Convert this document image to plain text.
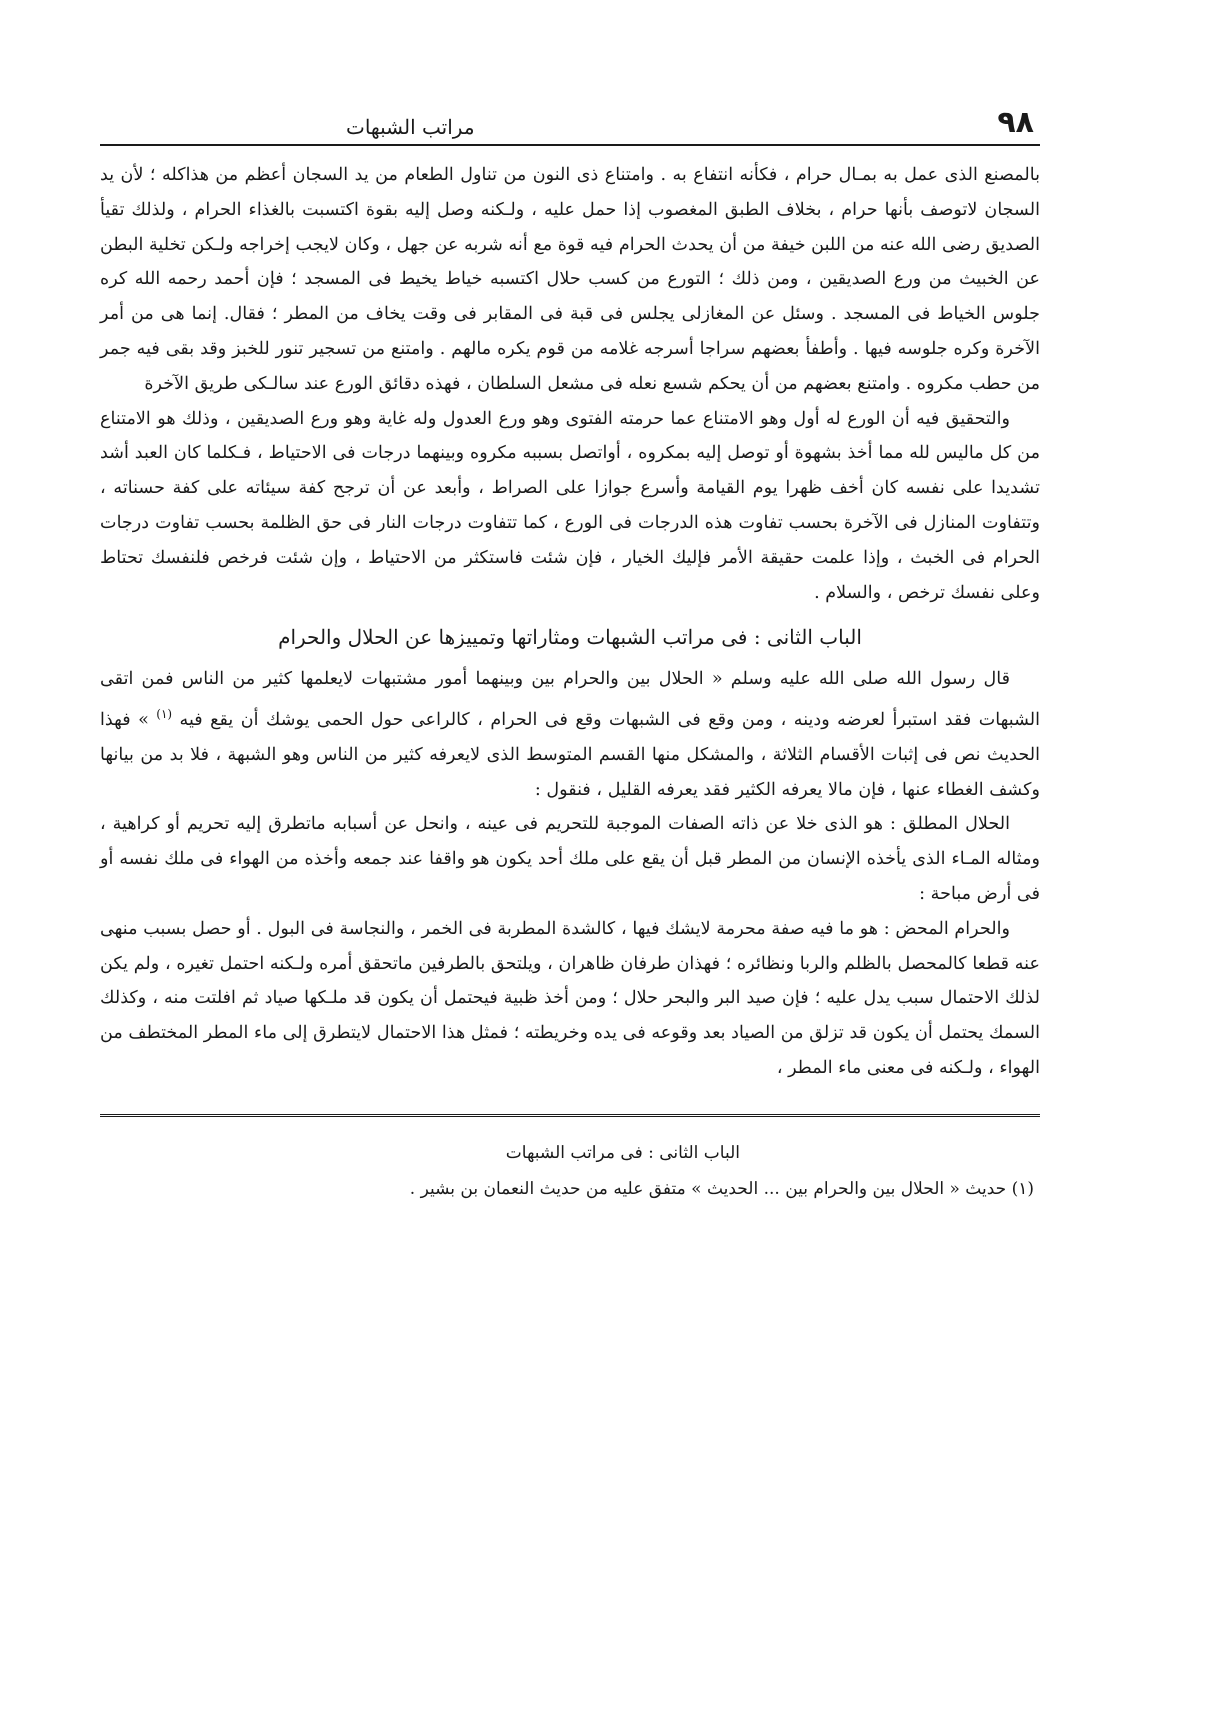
٩٨
مراتب الشبهات

بالمصنع الذى عمل به بمـال حرام ، فكأنه انتفاع به . وامتناع ذى النون من تناول الطعام من يد السجان أعظم من هذاكله ؛ لأن يد السجان لاتوصف بأنها حرام ، بخلاف الطبق المغصوب إذا حمل عليه ، ولـكنه وصل إليه بقوة اكتسبت بالغذاء الحرام ، ولذلك تقيأ الصديق رضى الله عنه من اللبن خيفة من أن يحدث الحرام فيه قوة مع أنه شربه عن جهل ، وكان لايجب إخراجه ولـكن تخلية البطن عن الخبيث من ورع الصديقين ، ومن ذلك ؛ التورع من كسب حلال اكتسبه خياط يخيط فى المسجد ؛ فإن أحمد رحمه الله كره جلوس الخياط فى المسجد . وسئل عن المغازلى يجلس فى قبة فى المقابر فى وقت يخاف من المطر ؛ فقال. إنما هى من أمر الآخرة وكره جلوسه فيها . وأطفأ بعضهم سراجا أسرجه غلامه من قوم يكره مالهم . وامتنع من تسجير تنور للخبز وقد بقى فيه جمر من حطب مكروه . وامتنع بعضهم من أن يحكم شسع نعله فى مشعل السلطان ، فهذه دقائق الورع عند سالـكى طريق الآخرة

والتحقيق فيه أن الورع له أول وهو الامتناع عما حرمته الفتوى وهو ورع العدول وله غاية وهو ورع الصديقين ، وذلك هو الامتناع من كل ماليس لله مما أخذ بشهوة أو توصل إليه بمكروه ، أواتصل بسببه مكروه وبينهما درجات فى الاحتياط ، فـكلما كان العبد أشد تشديدا على نفسه كان أخف ظهرا يوم القيامة وأسرع جوازا على الصراط ، وأبعد عن أن ترجح كفة سيئاته على كفة حسناته ، وتتفاوت المنازل فى الآخرة بحسب تفاوت هذه الدرجات فى الورع ، كما تتفاوت درجات النار فى حق الظلمة بحسب تفاوت درجات الحرام فى الخبث ، وإذا علمت حقيقة الأمر فإليك الخيار ، فإن شئت فاستكثر من الاحتياط ، وإن شئت فرخص فلنفسك تحتاط وعلى نفسك ترخص ، والسلام .

الباب الثانى : فى مراتب الشبهات ومثاراتها وتمييزها عن الحلال والحرام

قال رسول الله صلى الله عليه وسلم « الحلال بين والحرام بين وبينهما أمور مشتبهات لايعلمها كثير من الناس فمن اتقى الشبهات فقد استبرأ لعرضه ودينه ، ومن وقع فى الشبهات وقع فى الحرام ، كالراعى حول الحمى يوشك أن يقع فيه $^{(١)}$ » فهذا الحديث نص فى إثبات الأقسام الثلاثة ، والمشكل منها القسم المتوسط الذى لايعرفه كثير من الناس وهو الشبهة ، فلا بد من بيانها وكشف الغطاء عنها ، فإن مالا يعرفه الكثير فقد يعرفه القليل ، فنقول :

الحلال المطلق : هو الذى خلا عن ذاته الصفات الموجبة للتحريم فى عينه ، وانحل عن أسبابه ماتطرق إليه تحريم أو كراهية ، ومثاله المـاء الذى يأخذه الإنسان من المطر قبل أن يقع على ملك أحد يكون هو واقفا عند جمعه وأخذه من الهواء فى ملك نفسه أو فى أرض مباحة :

والحرام المحض : هو ما فيه صفة محرمة لايشك فيها ، كالشدة المطربة فى الخمر ، والنجاسة فى البول . أو حصل بسبب منهى عنه قطعا كالمحصل بالظلم والربا ونظائره ؛ فهذان طرفان ظاهران ، ويلتحق بالطرفين ماتحقق أمره ولـكنه احتمل تغيره ، ولم يكن لذلك الاحتمال سبب يدل عليه ؛ فإن صيد البر والبحر حلال ؛ ومن أخذ ظبية فيحتمل أن يكون قد ملـكها صياد ثم افلتت منه ، وكذلك السمك يحتمل أن يكون قد تزلق من الصياد بعد وقوعه فى يده وخريطته ؛ فمثل هذا الاحتمال لايتطرق إلى ماء المطر المختطف من الهواء ، ولـكنه فى معنى ماء المطر ،

الباب الثانى : فى مراتب الشبهات
(١) حديث « الحلال بين والحرام بين ... الحديث » متفق عليه من حديث النعمان بن بشير .
